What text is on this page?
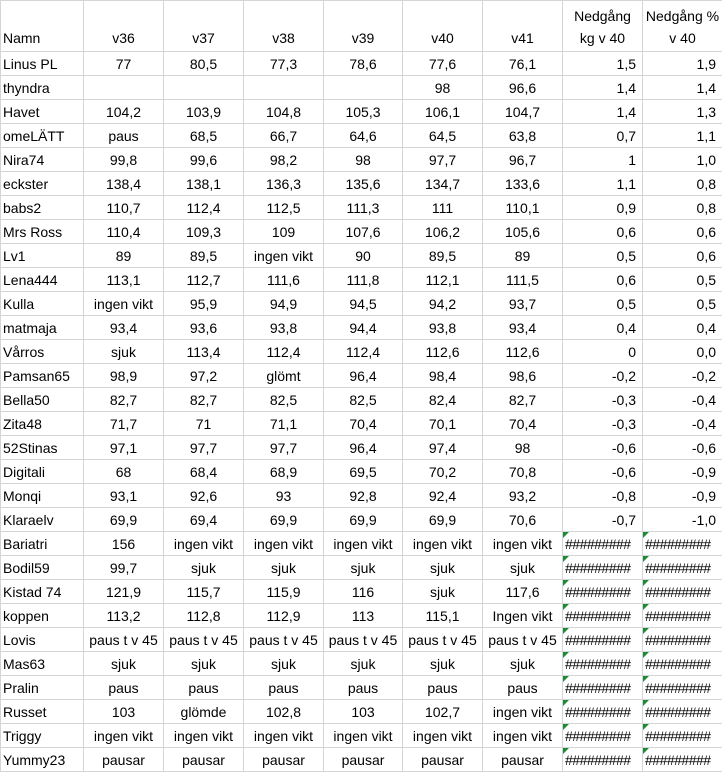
Namn	v36	v37	v38	v39	v40	v41	Nedgång kg v 40	Nedgång % v 40
Linus PL	77	80,5	77,3	78,6	77,6	76,1	1,5	1,9
thyndra					98	96,6	1,4	1,4
Havet	104,2	103,9	104,8	105,3	106,1	104,7	1,4	1,3
omeLÄTT	paus	68,5	66,7	64,6	64,5	63,8	0,7	1,1
Nira74	99,8	99,6	98,2	98	97,7	96,7	1	1,0
eckster	138,4	138,1	136,3	135,6	134,7	133,6	1,1	0,8
babs2	110,7	112,4	112,5	111,3	111	110,1	0,9	0,8
Mrs Ross	110,4	109,3	109	107,6	106,2	105,6	0,6	0,6
Lv1	89	89,5	ingen vikt	90	89,5	89	0,5	0,6
Lena444	113,1	112,7	111,6	111,8	112,1	111,5	0,6	0,5
Kulla	ingen vikt	95,9	94,9	94,5	94,2	93,7	0,5	0,5
matmaja	93,4	93,6	93,8	94,4	93,8	93,4	0,4	0,4
Vårros	sjuk	113,4	112,4	112,4	112,6	112,6	0	0,0
Pamsan65	98,9	97,2	glömt	96,4	98,4	98,6	-0,2	-0,2
Bella50	82,7	82,7	82,5	82,5	82,4	82,7	-0,3	-0,4
Zita48	71,7	71	71,1	70,4	70,1	70,4	-0,3	-0,4
52Stinas	97,1	97,7	97,7	96,4	97,4	98	-0,6	-0,6
Digitali	68	68,4	68,9	69,5	70,2	70,8	-0,6	-0,9
Monqi	93,1	92,6	93	92,8	92,4	93,2	-0,8	-0,9
Klaraelv	69,9	69,4	69,9	69,9	69,9	70,6	-0,7	-1,0
Bariatri	156	ingen vikt	ingen vikt	ingen vikt	ingen vikt	ingen vikt	#########	#########
Bodil59	99,7	sjuk	sjuk	sjuk	sjuk	sjuk	#########	#########
Kistad 74	121,9	115,7	115,9	116	sjuk	117,6	#########	#########
koppen	113,2	112,8	112,9	113	115,1	Ingen vikt	#########	#########
Lovis	paus t v 45	paus t v 45	paus t v 45	paus t v 45	paus t v 45	paus t v 45	#########	#########
Mas63	sjuk	sjuk	sjuk	sjuk	sjuk	sjuk	#########	#########
Pralin	paus	paus	paus	paus	paus	paus	#########	#########
Russet	103	glömde	102,8	103	102,7	ingen vikt	#########	#########
Triggy	ingen vikt	ingen vikt	ingen vikt	ingen vikt	ingen vikt	ingen vikt	#########	#########
Yummy23	pausar	pausar	pausar	pausar	pausar	pausar	#########	#########
